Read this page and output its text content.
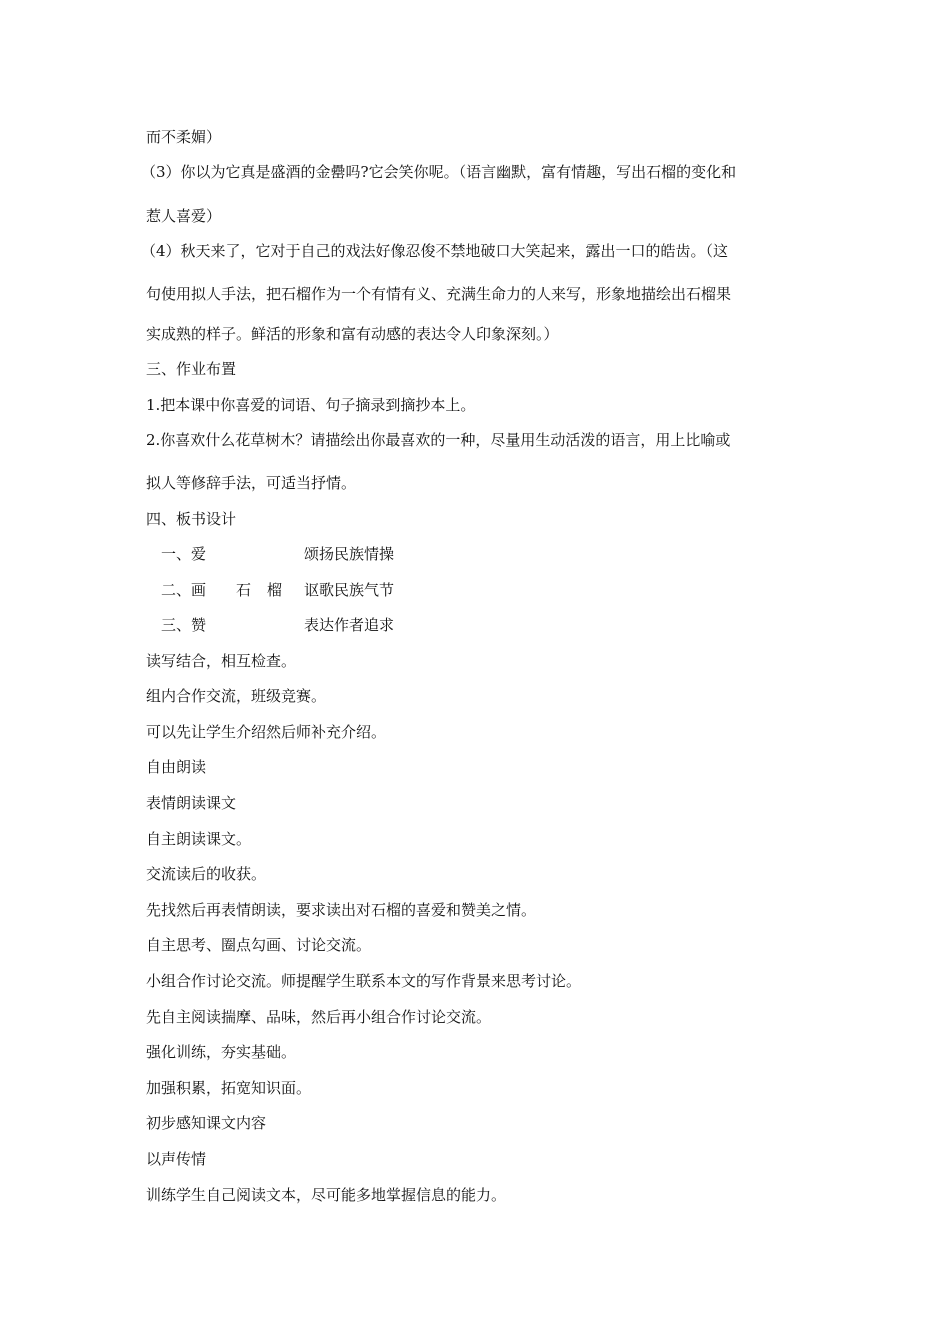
而不柔媚）
（3）你以为它真是盛酒的金罍吗?它会笑你呢。（语言幽默，富有情趣，写出石榴的变化和
惹人喜爱）
（4）秋天来了，它对于自己的戏法好像忍俊不禁地破口大笑起来，露出一口的皓齿。（这
句使用拟人手法，把石榴作为一个有情有义、充满生命力的人来写，形象地描绘出石榴果
实成熟的样子。鲜活的形象和富有动感的表达令人印象深刻。）
三、作业布置
1.把本课中你喜爱的词语、句子摘录到摘抄本上。
2.你喜欢什么花草树木？请描绘出你最喜欢的一种，尽量用生动活泼的语言，用上比喻或
拟人等修辞手法，可适当抒情。
四、板书设计
一、爱	颂扬民族情操
二、画 石榴 讴歌民族气节
三、赞	表达作者追求
读写结合，相互检查。
组内合作交流，班级竞赛。
可以先让学生介绍然后师补充介绍。
自由朗读
表情朗读课文
自主朗读课文。
交流读后的收获。
先找然后再表情朗读，要求读出对石榴的喜爱和赞美之情。
自主思考、圈点勾画、讨论交流。
小组合作讨论交流。师提醒学生联系本文的写作背景来思考讨论。
先自主阅读揣摩、品味，然后再小组合作讨论交流。
强化训练，夯实基础。
加强积累，拓宽知识面。
初步感知课文内容
以声传情
训练学生自己阅读文本，尽可能多地掌握信息的能力。
